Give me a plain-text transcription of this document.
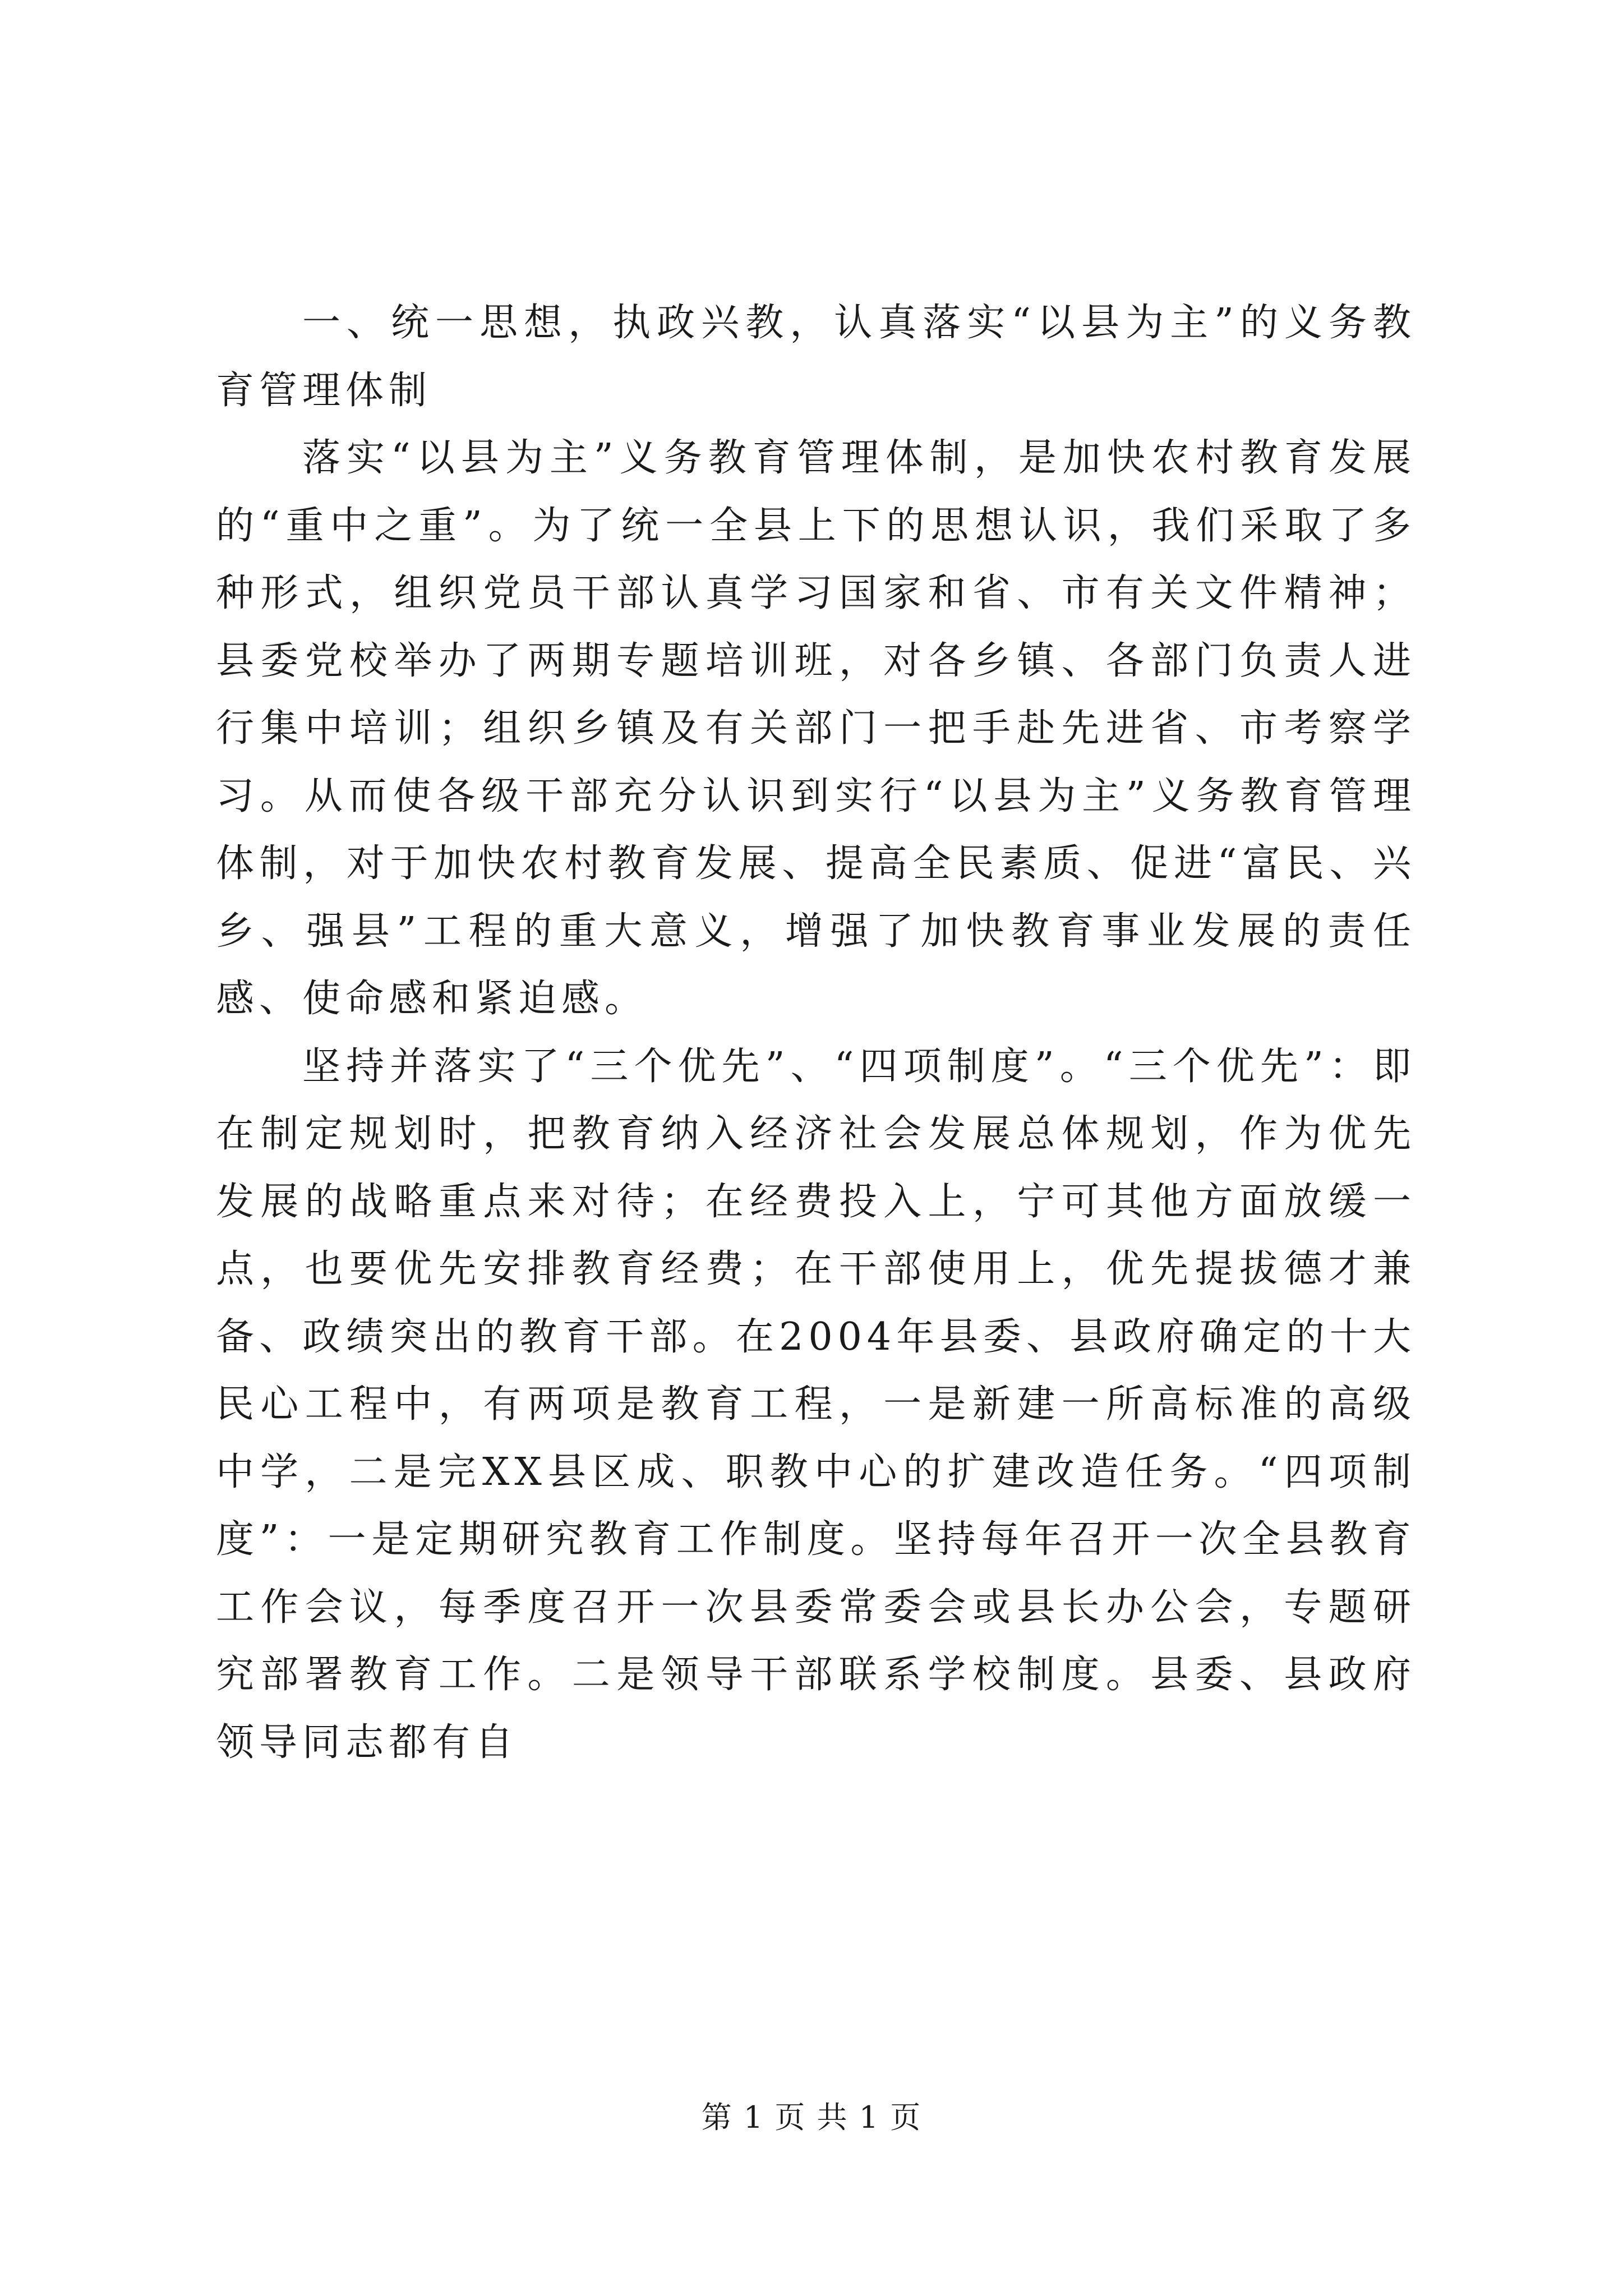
一、统一思想，执政兴教，认真落实“以县为主”的义务教育管理体制

落实“以县为主”义务教育管理体制，是加快农村教育发展的“重中之重”。为了统一全县上下的思想认识，我们采取了多种形式，组织党员干部认真学习国家和省、市有关文件精神；县委党校举办了两期专题培训班，对各乡镇、各部门负责人进行集中培训；组织乡镇及有关部门一把手赴先进省、市考察学习。从而使各级干部充分认识到实行“以县为主”义务教育管理体制，对于加快农村教育发展、提高全民素质、促进“富民、兴乡、强县”工程的重大意义，增强了加快教育事业发展的责任感、使命感和紧迫感。

坚持并落实了“三个优先”、“四项制度”。“三个优先”：即在制定规划时，把教育纳入经济社会发展总体规划，作为优先发展的战略重点来对待；在经费投入上，宁可其他方面放缓一点，也要优先安排教育经费；在干部使用上，优先提拔德才兼备、政绩突出的教育干部。在2004年县委、县政府确定的十大民心工程中，有两项是教育工程，一是新建一所高标准的高级中学，二是完XX县区成、职教中心的扩建改造任务。“四项制度”：一是定期研究教育工作制度。坚持每年召开一次全县教育工作会议，每季度召开一次县委常委会或县长办公会，专题研究部署教育工作。二是领导干部联系学校制度。县委、县政府领导同志都有自

第 1 页 共 1 页
